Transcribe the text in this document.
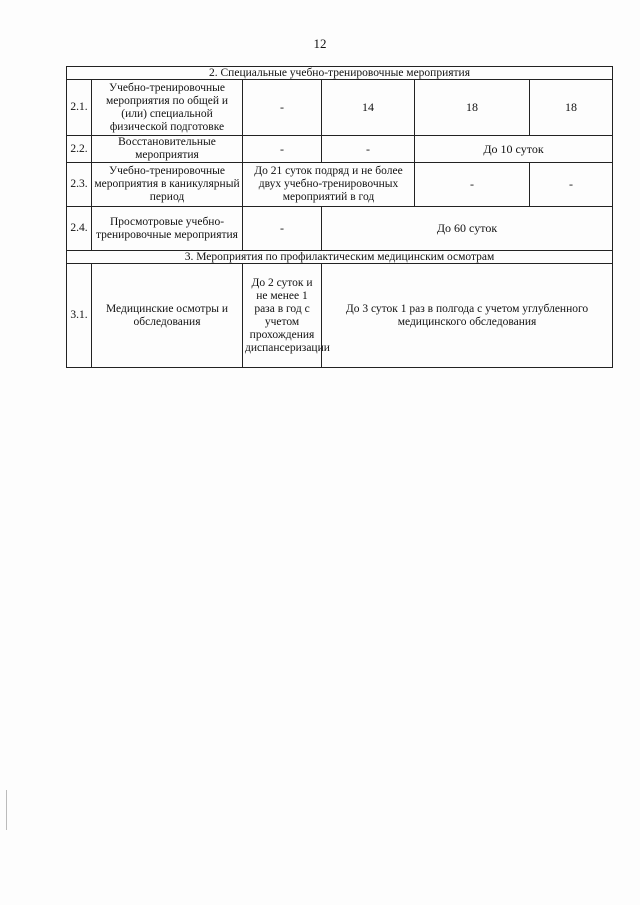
12
2. Специальные учебно-тренировочные мероприятия					
2.1.	Учебно-тренировочные мероприятия по общей и (или) специальной физической подготовке	-	14	18	18
2.2.	Восстановительные мероприятия	-	-	До 10 суток	
2.3.	Учебно-тренировочные мероприятия в каникулярный период	До 21 суток подряд и не более двух учебно-тренировочных мероприятий в год		-	-
2.4.	Просмотровые учебно-тренировочные мероприятия	-	До 60 суток		
3. Мероприятия по профилактическим медицинским осмотрам					
3.1.	Медицинские осмотры и обследования	До 2 суток и не менее 1 раза в год с учетом прохождения диспансеризации	До 3 суток 1 раз в полгода с учетом углубленного медицинского обследования		
